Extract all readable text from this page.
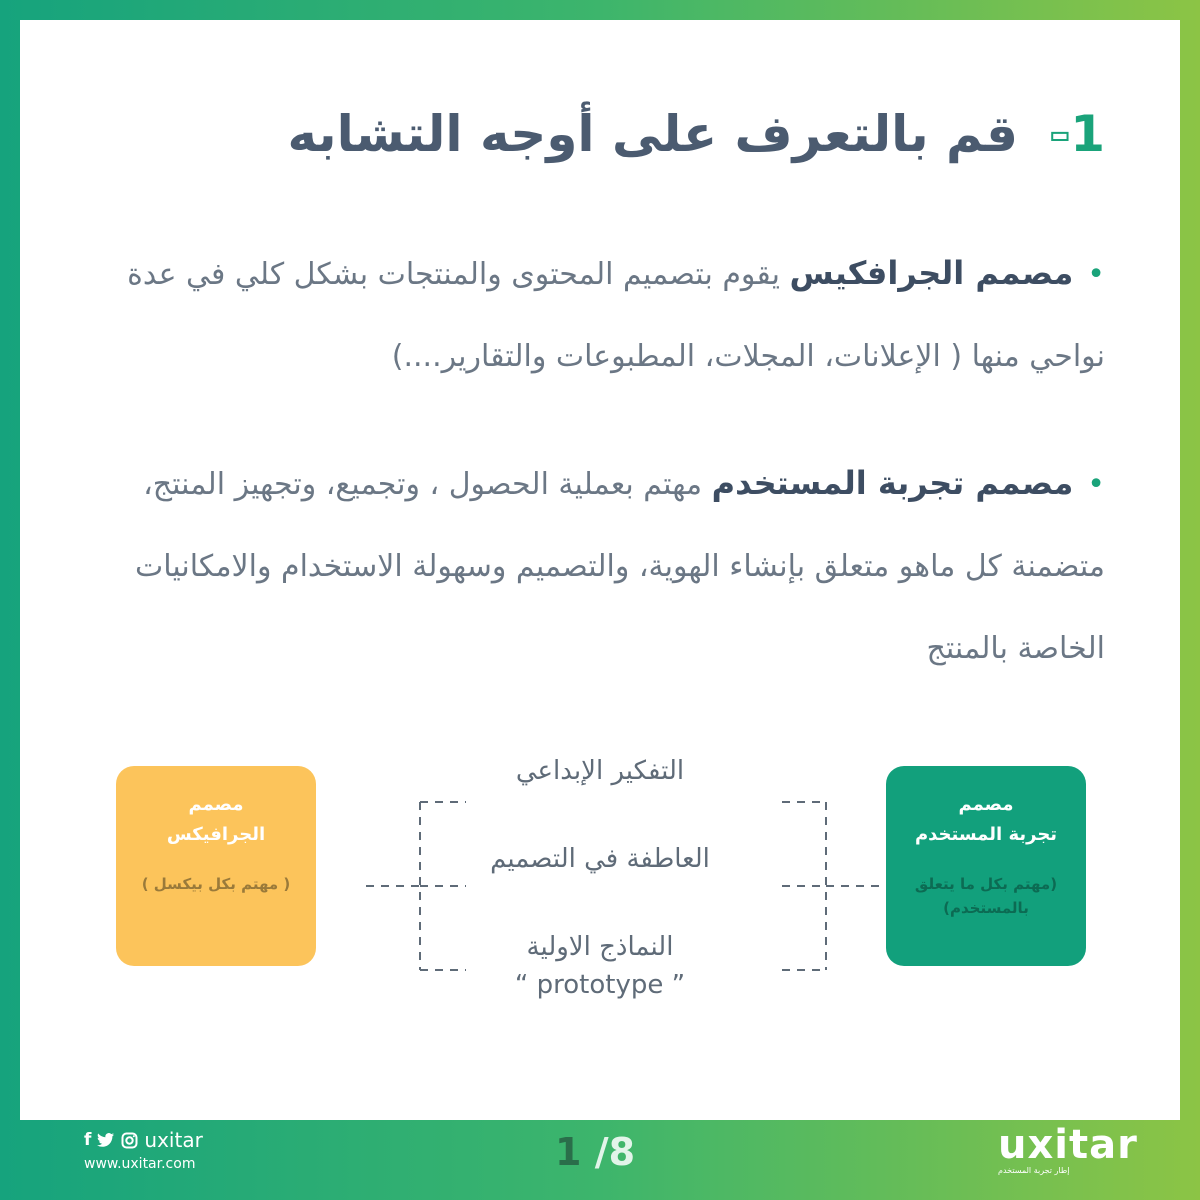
1- قم بالتعرف على أوجه التشابه
•مصمم الجرافكيس يقوم بتصميم المحتوى والمنتجات بشكل كلي في عدة نواحي منها ( الإعلانات، المجلات، المطبوعات والتقارير....)
•مصمم تجربة المستخدم مهتم بعملية الحصول ، وتجميع، وتجهيز المنتج، متضمنة كل ماهو متعلق بإنشاء الهوية، والتصميم وسهولة الاستخدام والامكانيات الخاصة بالمنتج
مصمم
تجربة المستخدم
(مهتم بكل ما يتعلق بالمستخدم)
مصمم
الجرافيكس
( مهتم بكل بيكسل )
التفكير الإبداعي
العاطفة في التصميم
النماذج الاولية
“ prototype ”
f	uxitar
www.uxitar.com	1 /8	uxitar
إطار تجربة المستخدم
